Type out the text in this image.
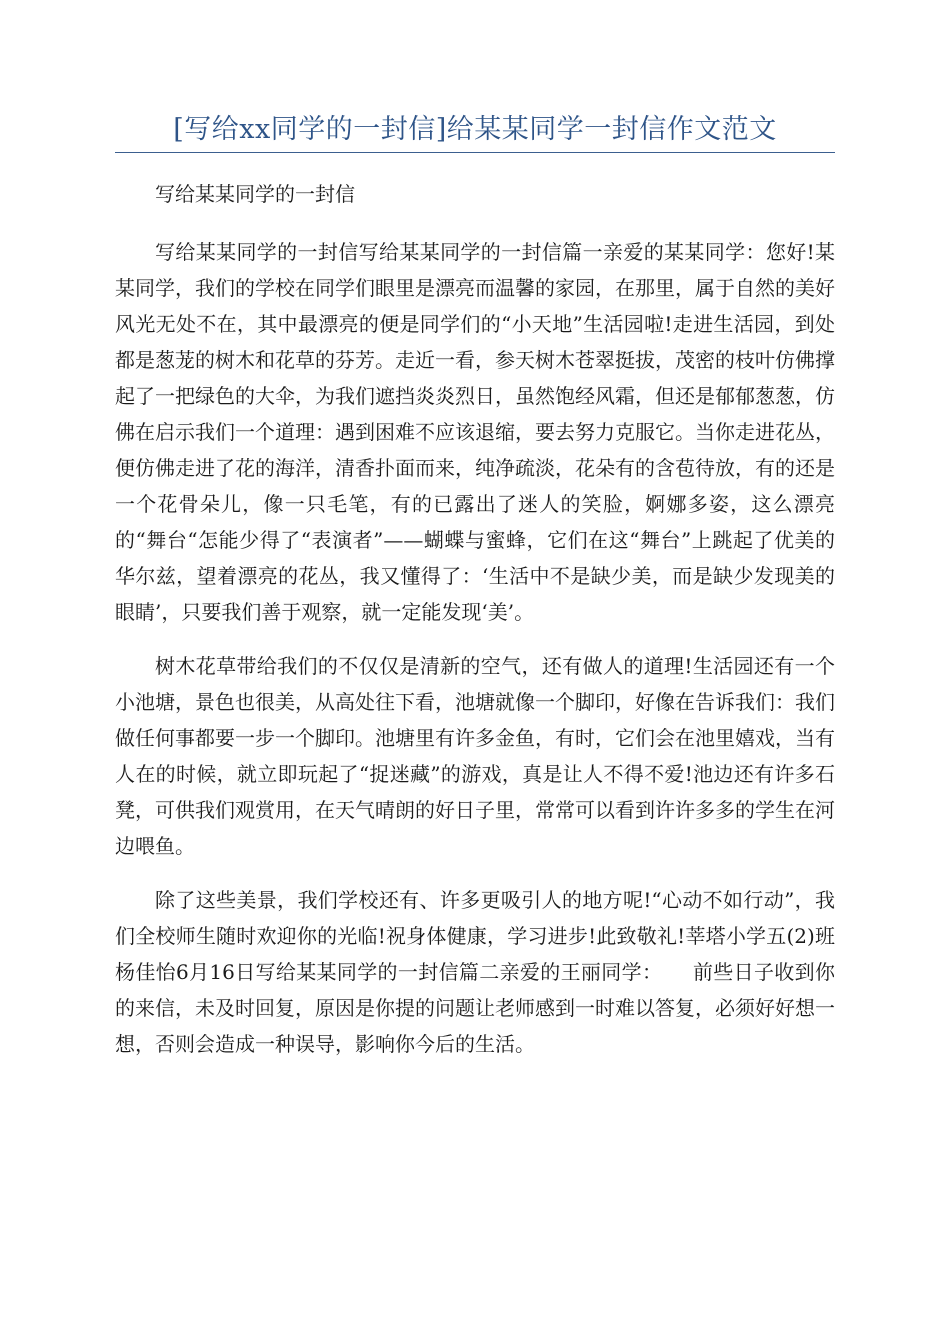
[写给xx同学的一封信]给某某同学一封信作文范文

写给某某同学的一封信

写给某某同学的一封信写给某某同学的一封信篇一亲爱的某某同学：您好!某某同学，我们的学校在同学们眼里是漂亮而温馨的家园，在那里，属于自然的美好风光无处不在，其中最漂亮的便是同学们的“小天地”生活园啦!走进生活园，到处都是葱茏的树木和花草的芬芳。走近一看，参天树木苍翠挺拔，茂密的枝叶仿佛撑起了一把绿色的大伞，为我们遮挡炎炎烈日，虽然饱经风霜，但还是郁郁葱葱，仿佛在启示我们一个道理：遇到困难不应该退缩，要去努力克服它。当你走进花丛，便仿佛走进了花的海洋，清香扑面而来，纯净疏淡，花朵有的含苞待放，有的还是一个花骨朵儿，像一只毛笔，有的已露出了迷人的笑脸，婀娜多姿，这么漂亮的“舞台“怎能少得了“表演者”——蝴蝶与蜜蜂，它们在这“舞台”上跳起了优美的华尔兹，望着漂亮的花丛，我又懂得了：‘生活中不是缺少美，而是缺少发现美的眼睛’，只要我们善于观察，就一定能发现‘美’。

树木花草带给我们的不仅仅是清新的空气，还有做人的道理!生活园还有一个小池塘，景色也很美，从高处往下看，池塘就像一个脚印，好像在告诉我们：我们做任何事都要一步一个脚印。池塘里有许多金鱼，有时，它们会在池里嬉戏，当有人在的时候，就立即玩起了“捉迷藏”的游戏，真是让人不得不爱!池边还有许多石凳，可供我们观赏用，在天气晴朗的好日子里，常常可以看到许许多多的学生在河边喂鱼。

除了这些美景，我们学校还有、许多更吸引人的地方呢!“心动不如行动”，我们全校师生随时欢迎你的光临!祝身体健康，学习进步!此致敬礼!莘塔小学五(2)班杨佳怡6月16日写给某某同学的一封信篇二亲爱的王丽同学：　　前些日子收到你的来信，未及时回复，原因是你提的问题让老师感到一时难以答复，必须好好想一想，否则会造成一种误导，影响你今后的生活。
